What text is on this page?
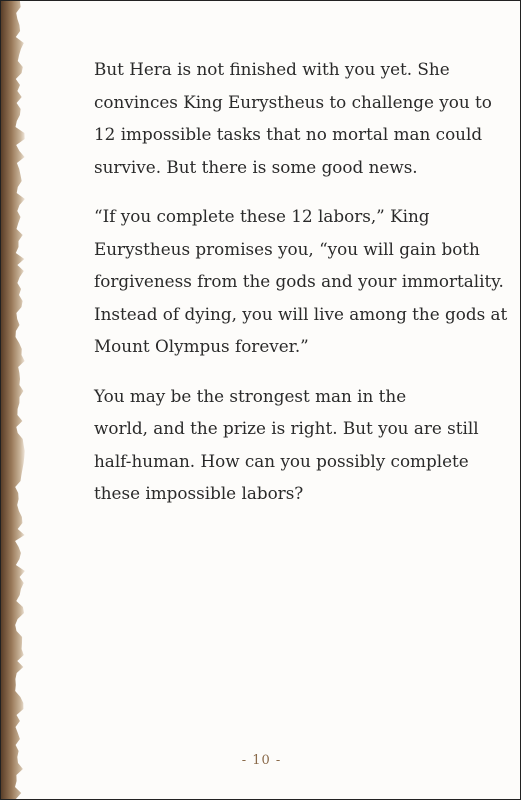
But Hera is not finished with you yet. She
convinces King Eurystheus to challenge you to
12 impossible tasks that no mortal man could
survive. But there is some good news.

“If you complete these 12 labors,” King
Eurystheus promises you, “you will gain both
forgiveness from the gods and your immortality.
Instead of dying, you will live among the gods at
Mount Olympus forever.”

You may be the strongest man in the
world, and the prize is right. But you are still
half-human. How can you possibly complete
these impossible labors?

- 10 -
